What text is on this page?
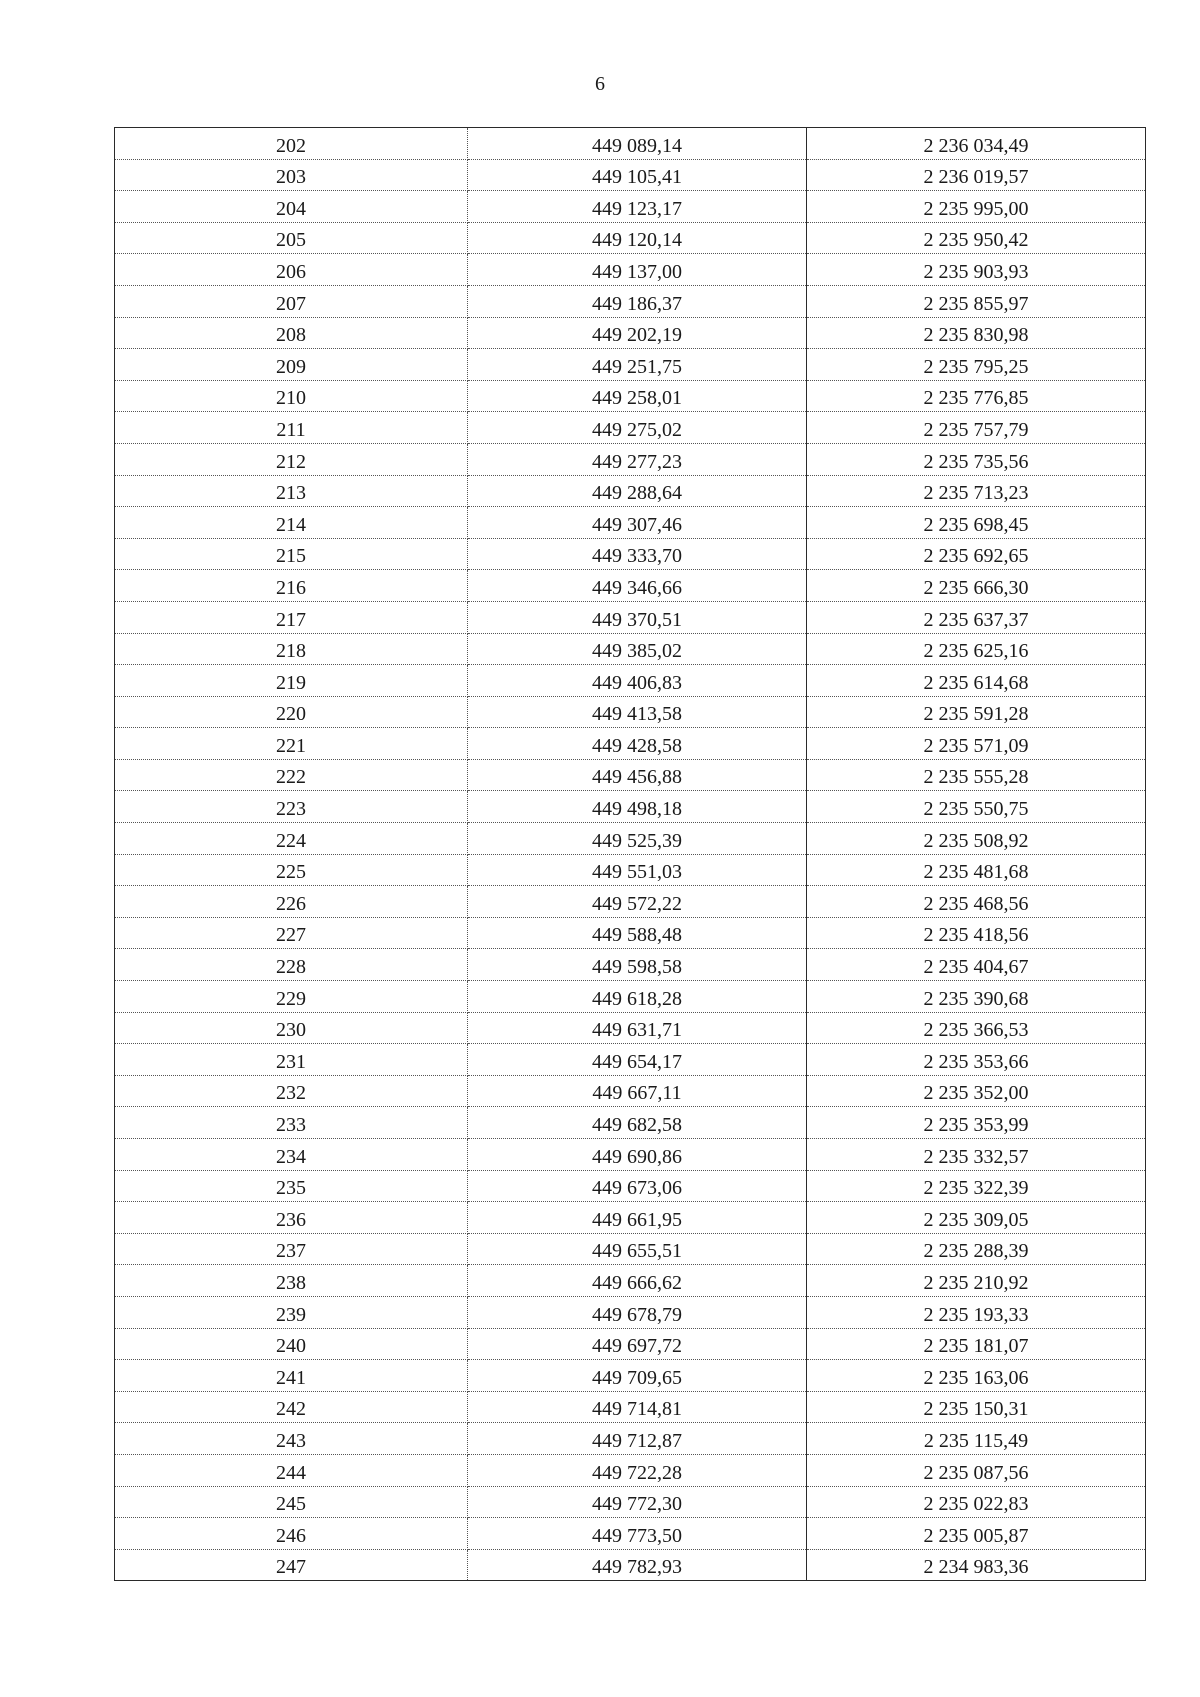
6
202	449 089,14	2 236 034,49
203	449 105,41	2 236 019,57
204	449 123,17	2 235 995,00
205	449 120,14	2 235 950,42
206	449 137,00	2 235 903,93
207	449 186,37	2 235 855,97
208	449 202,19	2 235 830,98
209	449 251,75	2 235 795,25
210	449 258,01	2 235 776,85
211	449 275,02	2 235 757,79
212	449 277,23	2 235 735,56
213	449 288,64	2 235 713,23
214	449 307,46	2 235 698,45
215	449 333,70	2 235 692,65
216	449 346,66	2 235 666,30
217	449 370,51	2 235 637,37
218	449 385,02	2 235 625,16
219	449 406,83	2 235 614,68
220	449 413,58	2 235 591,28
221	449 428,58	2 235 571,09
222	449 456,88	2 235 555,28
223	449 498,18	2 235 550,75
224	449 525,39	2 235 508,92
225	449 551,03	2 235 481,68
226	449 572,22	2 235 468,56
227	449 588,48	2 235 418,56
228	449 598,58	2 235 404,67
229	449 618,28	2 235 390,68
230	449 631,71	2 235 366,53
231	449 654,17	2 235 353,66
232	449 667,11	2 235 352,00
233	449 682,58	2 235 353,99
234	449 690,86	2 235 332,57
235	449 673,06	2 235 322,39
236	449 661,95	2 235 309,05
237	449 655,51	2 235 288,39
238	449 666,62	2 235 210,92
239	449 678,79	2 235 193,33
240	449 697,72	2 235 181,07
241	449 709,65	2 235 163,06
242	449 714,81	2 235 150,31
243	449 712,87	2 235 115,49
244	449 722,28	2 235 087,56
245	449 772,30	2 235 022,83
246	449 773,50	2 235 005,87
247	449 782,93	2 234 983,36
